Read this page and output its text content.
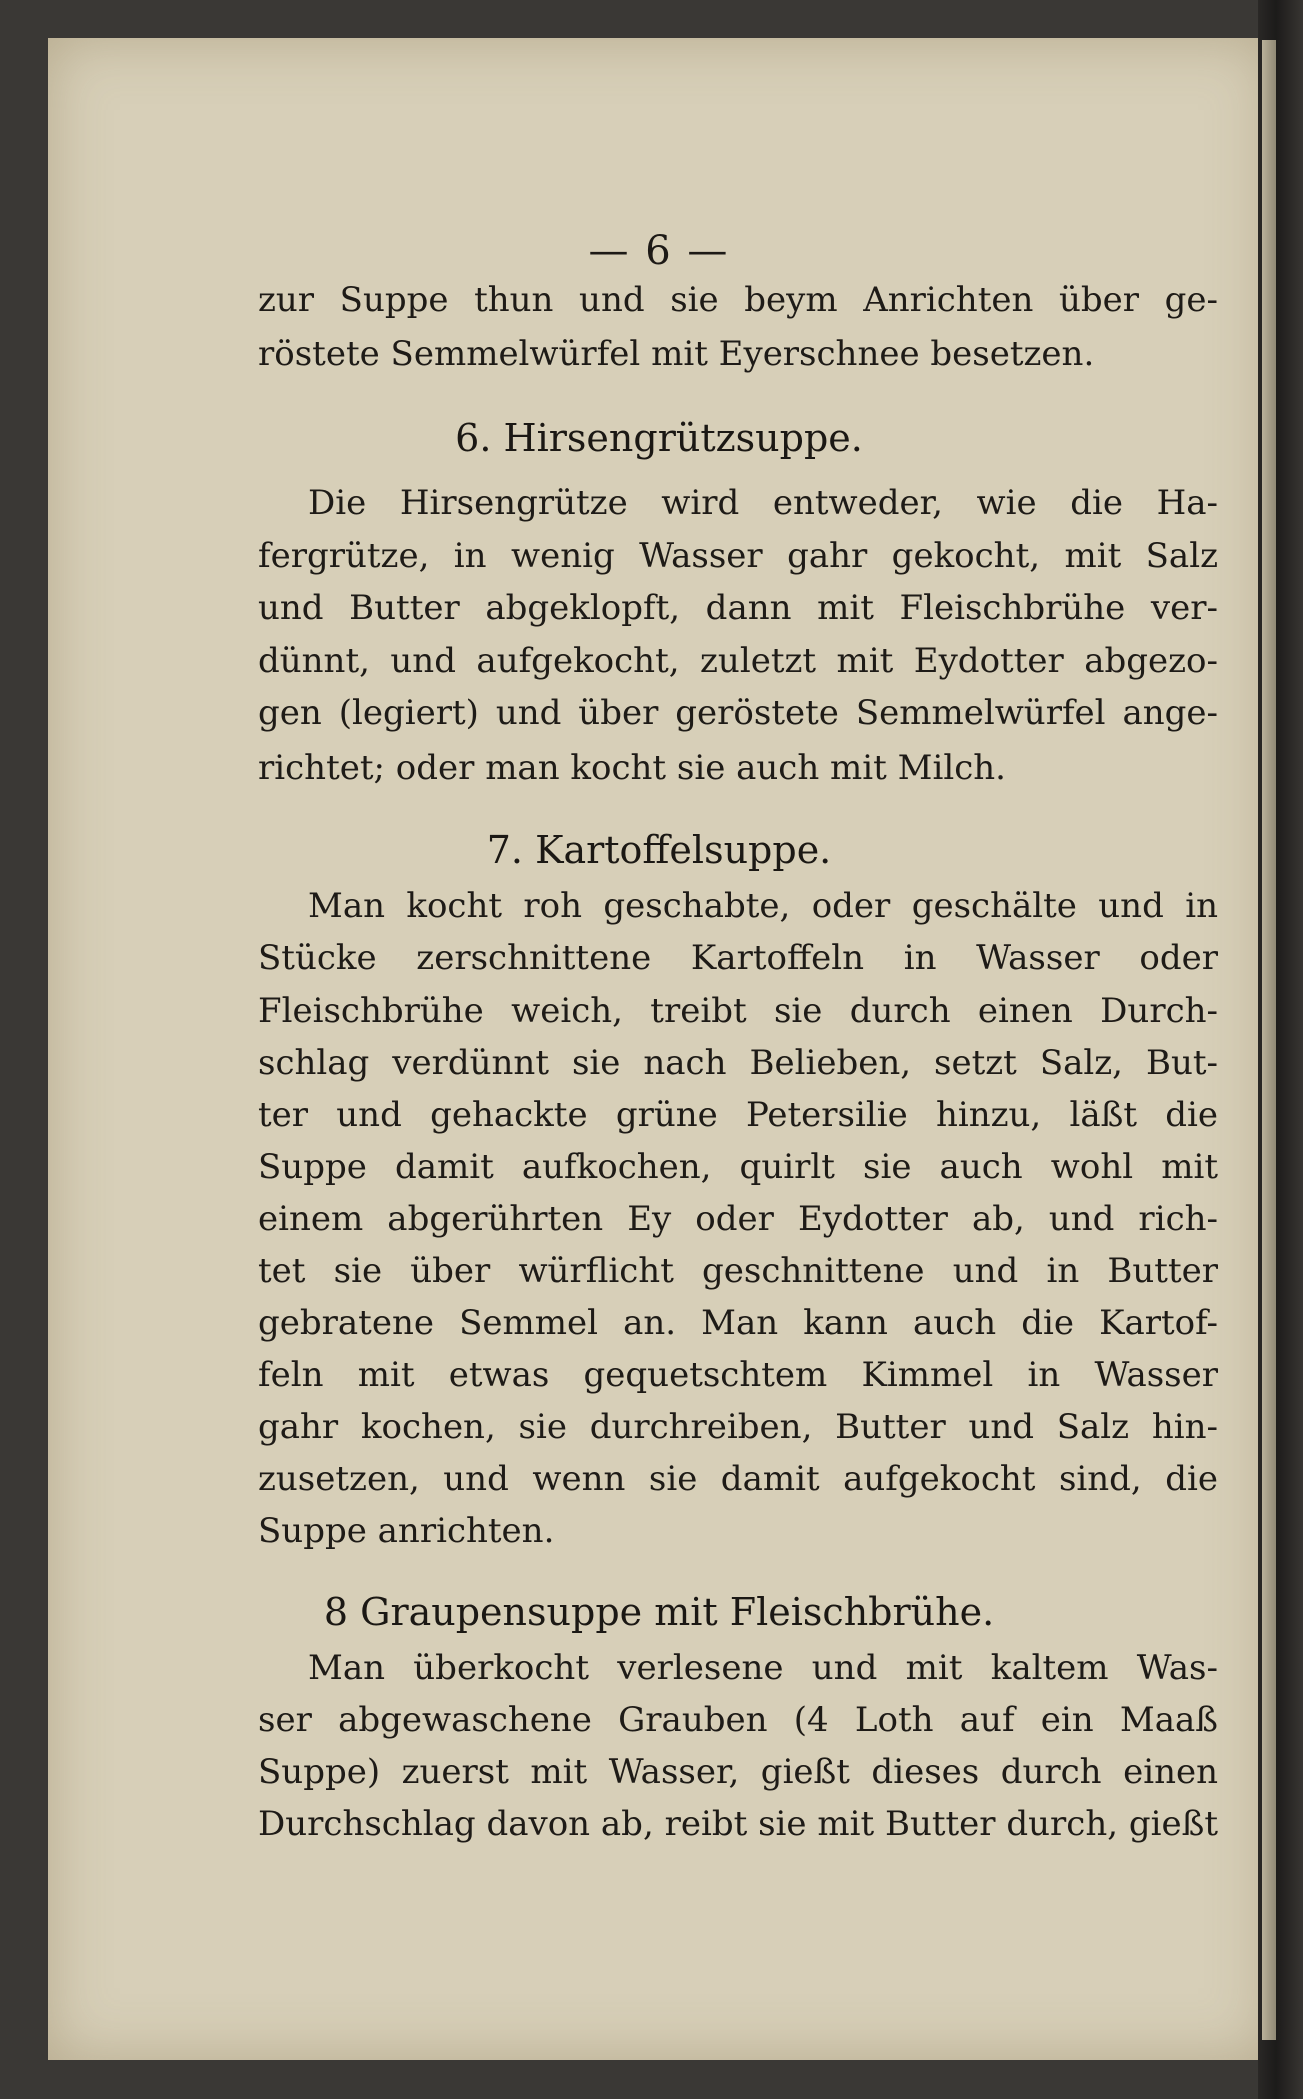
— 6 —
zur Suppe thun und sie beym Anrichten über ge-
röstete Semmelwürfel mit Eyerschnee besetzen.
6. Hirsengrützsuppe.
Die Hirsengrütze wird entweder, wie die Ha-
fergrütze, in wenig Wasser gahr gekocht, mit Salz
und Butter abgeklopft, dann mit Fleischbrühe ver-
dünnt, und aufgekocht, zuletzt mit Eydotter abgezo-
gen (legiert) und über geröstete Semmelwürfel ange-
richtet; oder man kocht sie auch mit Milch.
7. Kartoffelsuppe.
Man kocht roh geschabte, oder geschälte und in
Stücke zerschnittene Kartoffeln in Wasser oder
Fleischbrühe weich, treibt sie durch einen Durch-
schlag verdünnt sie nach Belieben, setzt Salz, But-
ter und gehackte grüne Petersilie hinzu, läßt die
Suppe damit aufkochen, quirlt sie auch wohl mit
einem abgerührten Ey oder Eydotter ab, und rich-
tet sie über würflicht geschnittene und in Butter
gebratene Semmel an. Man kann auch die Kartof-
feln mit etwas gequetschtem Kimmel in Wasser
gahr kochen, sie durchreiben, Butter und Salz hin-
zusetzen, und wenn sie damit aufgekocht sind, die
Suppe anrichten.
8 Graupensuppe mit Fleischbrühe.
Man überkocht verlesene und mit kaltem Was-
ser abgewaschene Grauben (4 Loth auf ein Maaß
Suppe) zuerst mit Wasser, gießt dieses durch einen
Durchschlag davon ab, reibt sie mit Butter durch, gießt
